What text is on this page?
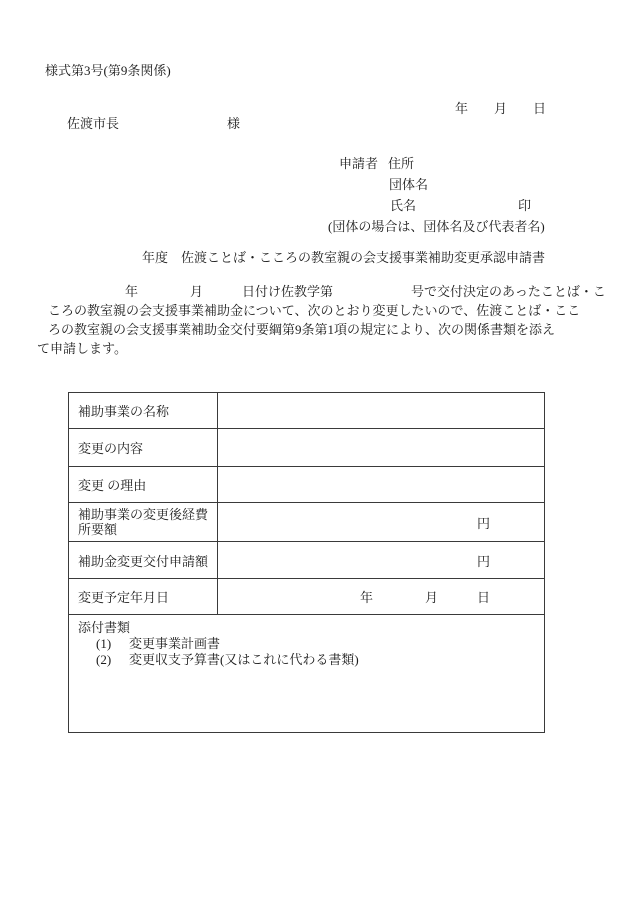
様式第3号(第9条関係)
年　　月　　日
佐渡市長	様
申請者 住所
団体名
氏名	印
(団体の場合は、団体名及び代表者名)
年度　佐渡ことば・こころの教室親の会支援事業補助変更承認申請書
年　　　　月　　　日付け佐教学第　　　　　　号で交付決定のあったことば・こ
ころの教室親の会支援事業補助金について、次のとおり変更したいので、佐渡ことば・ここ
ろの教室親の会支援事業補助金交付要綱第9条第1項の規定により、次の関係書類を添え
て申請します。
補助事業の名称
変更の内容
変更 の理由
補助事業の変更後経費所要額	円
補助金変更交付申請額	円
変更予定年月日	年　　　　月　　　日
添付書類
(1) 変更事業計画書
(2) 変更収支予算書(又はこれに代わる書類)
